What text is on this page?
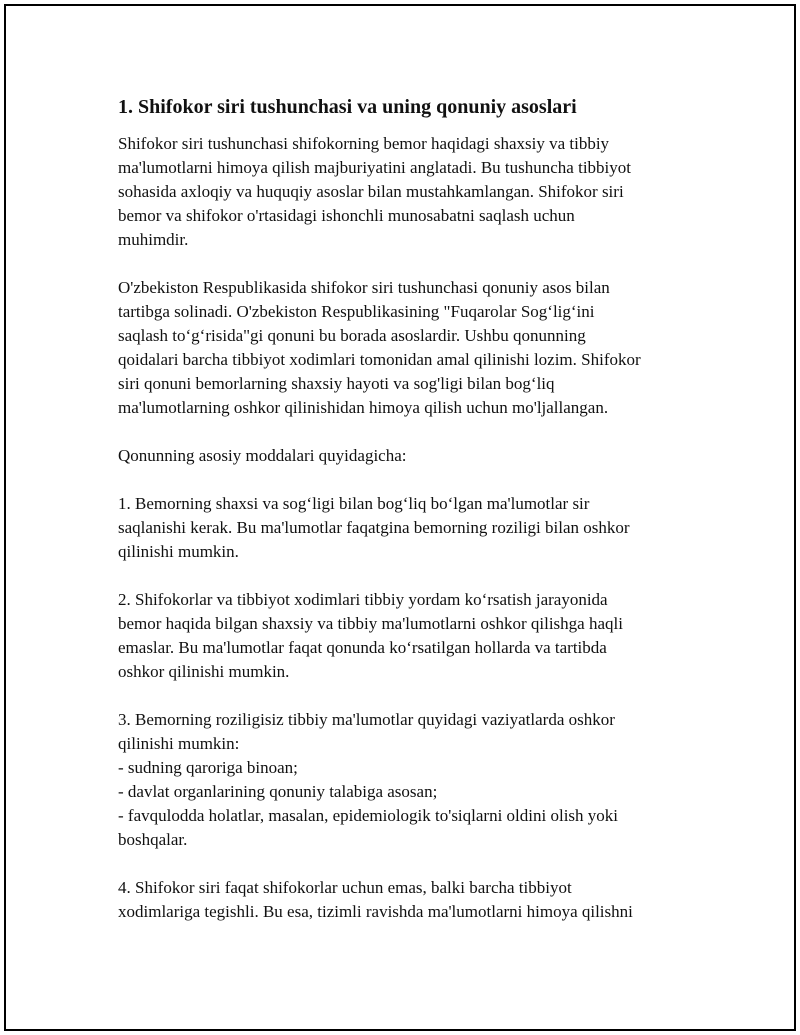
1. Shifokor siri tushunchasi va uning qonuniy asoslari

Shifokor siri tushunchasi shifokorning bemor haqidagi shaxsiy va tibbiy
ma'lumotlarni himoya qilish majburiyatini anglatadi. Bu tushuncha tibbiyot
sohasida axloqiy va huquqiy asoslar bilan mustahkamlangan. Shifokor siri
bemor va shifokor o'rtasidagi ishonchli munosabatni saqlash uchun
muhimdir.

O'zbekiston Respublikasida shifokor siri tushunchasi qonuniy asos bilan
tartibga solinadi. O'zbekiston Respublikasining "Fuqarolar Sog‘lig‘ini
saqlash to‘g‘risida"gi qonuni bu borada asoslardir. Ushbu qonunning
qoidalari barcha tibbiyot xodimlari tomonidan amal qilinishi lozim. Shifokor
siri qonuni bemorlarning shaxsiy hayoti va sog'ligi bilan bog‘liq
ma'lumotlarning oshkor qilinishidan himoya qilish uchun mo'ljallangan.

Qonunning asosiy moddalari quyidagicha:

1. Bemorning shaxsi va sog‘ligi bilan bog‘liq bo‘lgan ma'lumotlar sir
saqlanishi kerak. Bu ma'lumotlar faqatgina bemorning roziligi bilan oshkor
qilinishi mumkin.

2. Shifokorlar va tibbiyot xodimlari tibbiy yordam ko‘rsatish jarayonida
bemor haqida bilgan shaxsiy va tibbiy ma'lumotlarni oshkor qilishga haqli
emaslar. Bu ma'lumotlar faqat qonunda ko‘rsatilgan hollarda va tartibda
oshkor qilinishi mumkin.

3. Bemorning roziligisiz tibbiy ma'lumotlar quyidagi vaziyatlarda oshkor
qilinishi mumkin:
- sudning qaroriga binoan;
- davlat organlarining qonuniy talabiga asosan;
- favqulodda holatlar, masalan, epidemiologik to'siqlarni oldini olish yoki
boshqalar.

4. Shifokor siri faqat shifokorlar uchun emas, balki barcha tibbiyot
xodimlariga tegishli. Bu esa, tizimli ravishda ma'lumotlarni himoya qilishni
